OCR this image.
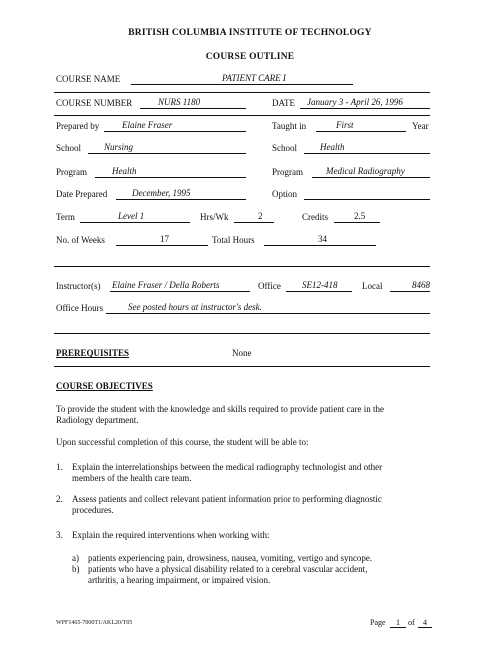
BRITISH COLUMBIA INSTITUTE OF TECHNOLOGY
COURSE OUTLINE
COURSE NAME	PATIENT CARE I
COURSE NUMBER	NURS 1180	DATE January 3 - April 26, 1996
Prepared by	Elaine Fraser	Taught in	First	Year
School	Nursing	School	Health
Program	Health	Program	Medical Radiography
Date Prepared	December, 1995	Option
Term	Level 1	Hrs/Wk	2	Credits	2.5
No. of Weeks	17	Total Hours	34
Instructor(s) Elaine Fraser / Della Roberts	Office SE12-418	Local	8468
Office Hours	See posted hours at instructor's desk.
PREREQUISITES	None
COURSE OBJECTIVES
To provide the student with the knowledge and skills required to provide patient care in the
Radiology department.
Upon successful completion of this course, the student will be able to:
1. Explain the interrelationships between the medical radiography technologist and other
members of the health care team.
2. Assess patients and collect relevant patient information prior to performing diagnostic
procedures.
3. Explain the required interventions when working with:
a) patients experiencing pain, drowsiness, nausea, vomiting, vertigo and syncope.
b) patients who have a physical disability related to a cerebral vascular accident,
arthritis, a hearing impairment, or impaired vision.
WPF1465-7000T1/AKL20/T05	Page 1 of 4
